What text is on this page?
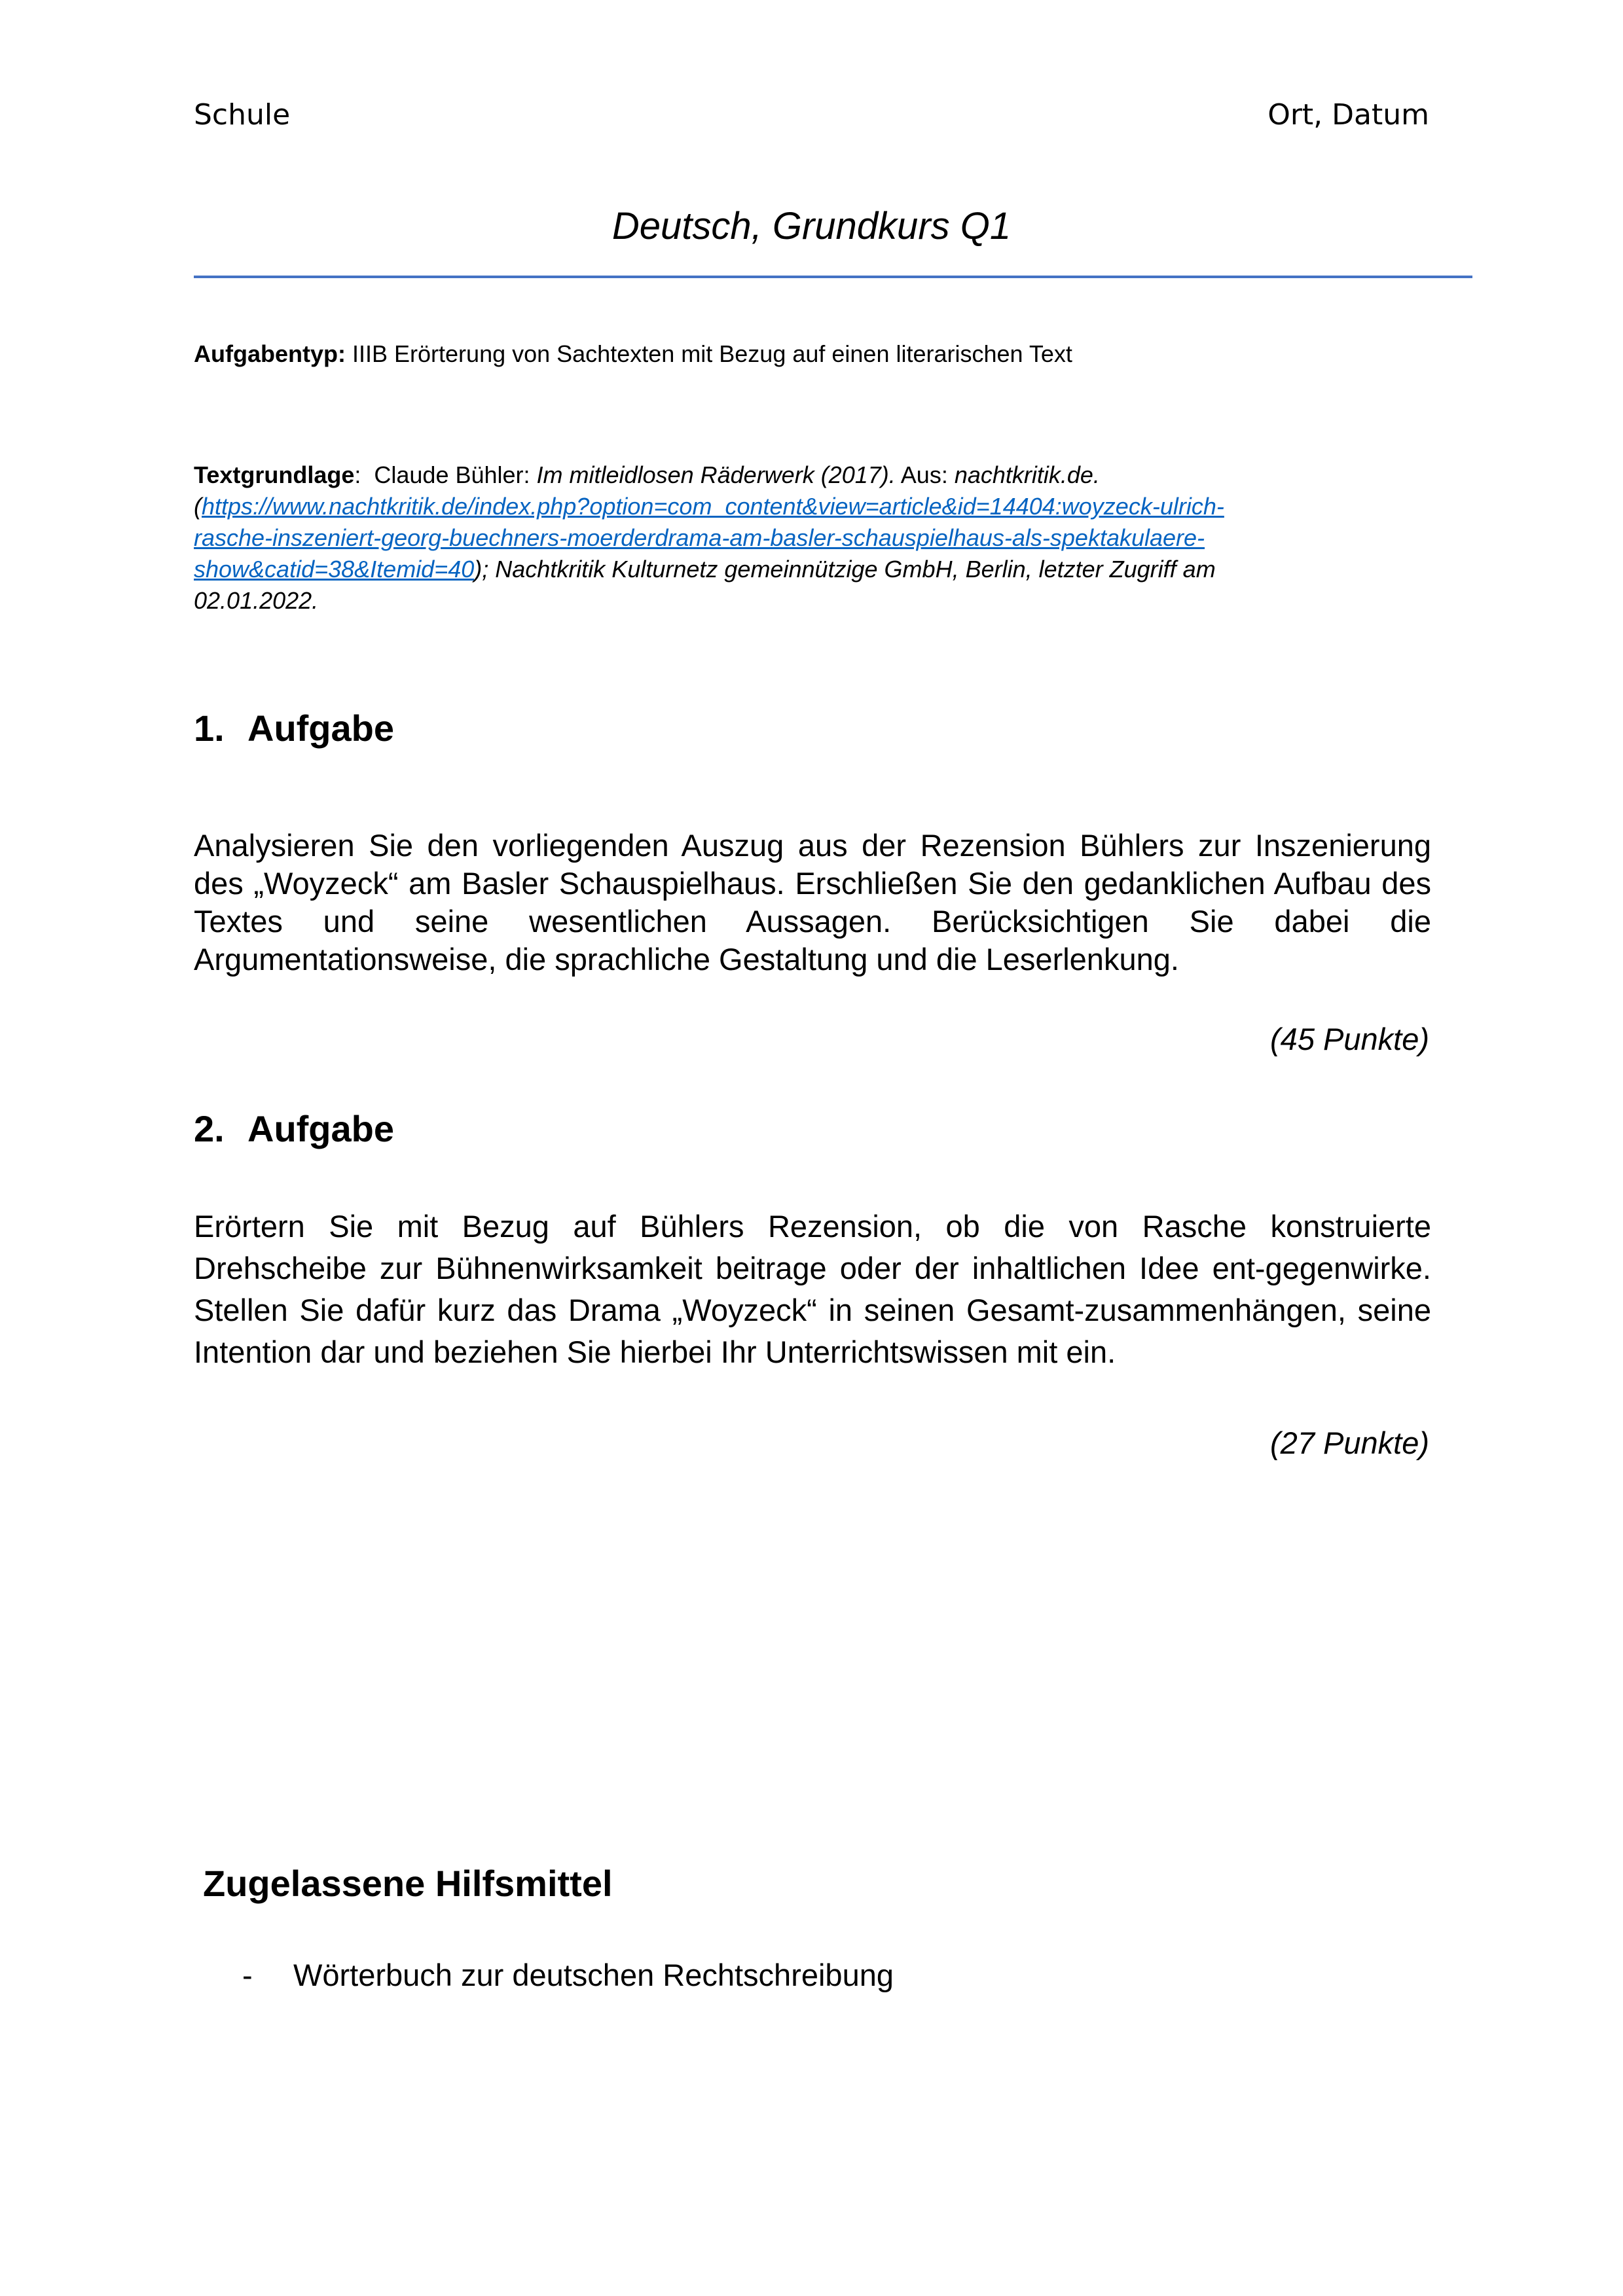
Schule	Ort, Datum
Deutsch, Grundkurs Q1
Aufgabentyp: IIIB Erörterung von Sachtexten mit Bezug auf einen literarischen Text
Textgrundlage: Claude Bühler: Im mitleidlosen Räderwerk (2017). Aus: nachtkritik.de.
(https://www.nachtkritik.de/index.php?option=com_content&view=article&id=14404:woyzeck-ulrich-
rasche-inszeniert-georg-buechners-moerderdrama-am-basler-schauspielhaus-als-spektakulaere-
show&catid=38&Itemid=40); Nachtkritik Kulturnetz gemeinnützige GmbH, Berlin, letzter Zugriff am
02.01.2022.
1. Aufgabe
Analysieren Sie den vorliegenden Auszug aus der Rezension Bühlers zur Inszenierung des „Woyzeck“ am Basler Schauspielhaus. Erschließen Sie den gedanklichen Aufbau des Textes und seine wesentlichen Aussagen. Berücksichtigen Sie dabei die Argumentationsweise, die sprachliche Gestaltung und die Leserlenkung.
(45 Punkte)
2. Aufgabe
Erörtern Sie mit Bezug auf Bühlers Rezension, ob die von Rasche konstruierte Drehscheibe zur Bühnenwirksamkeit beitrage oder der inhaltlichen Idee ent-gegenwirke. Stellen Sie dafür kurz das Drama „Woyzeck“ in seinen Gesamt-zusammenhängen, seine Intention dar und beziehen Sie hierbei Ihr Unterrichtswissen mit ein.
(27 Punkte)
Zugelassene Hilfsmittel
- Wörterbuch zur deutschen Rechtschreibung
